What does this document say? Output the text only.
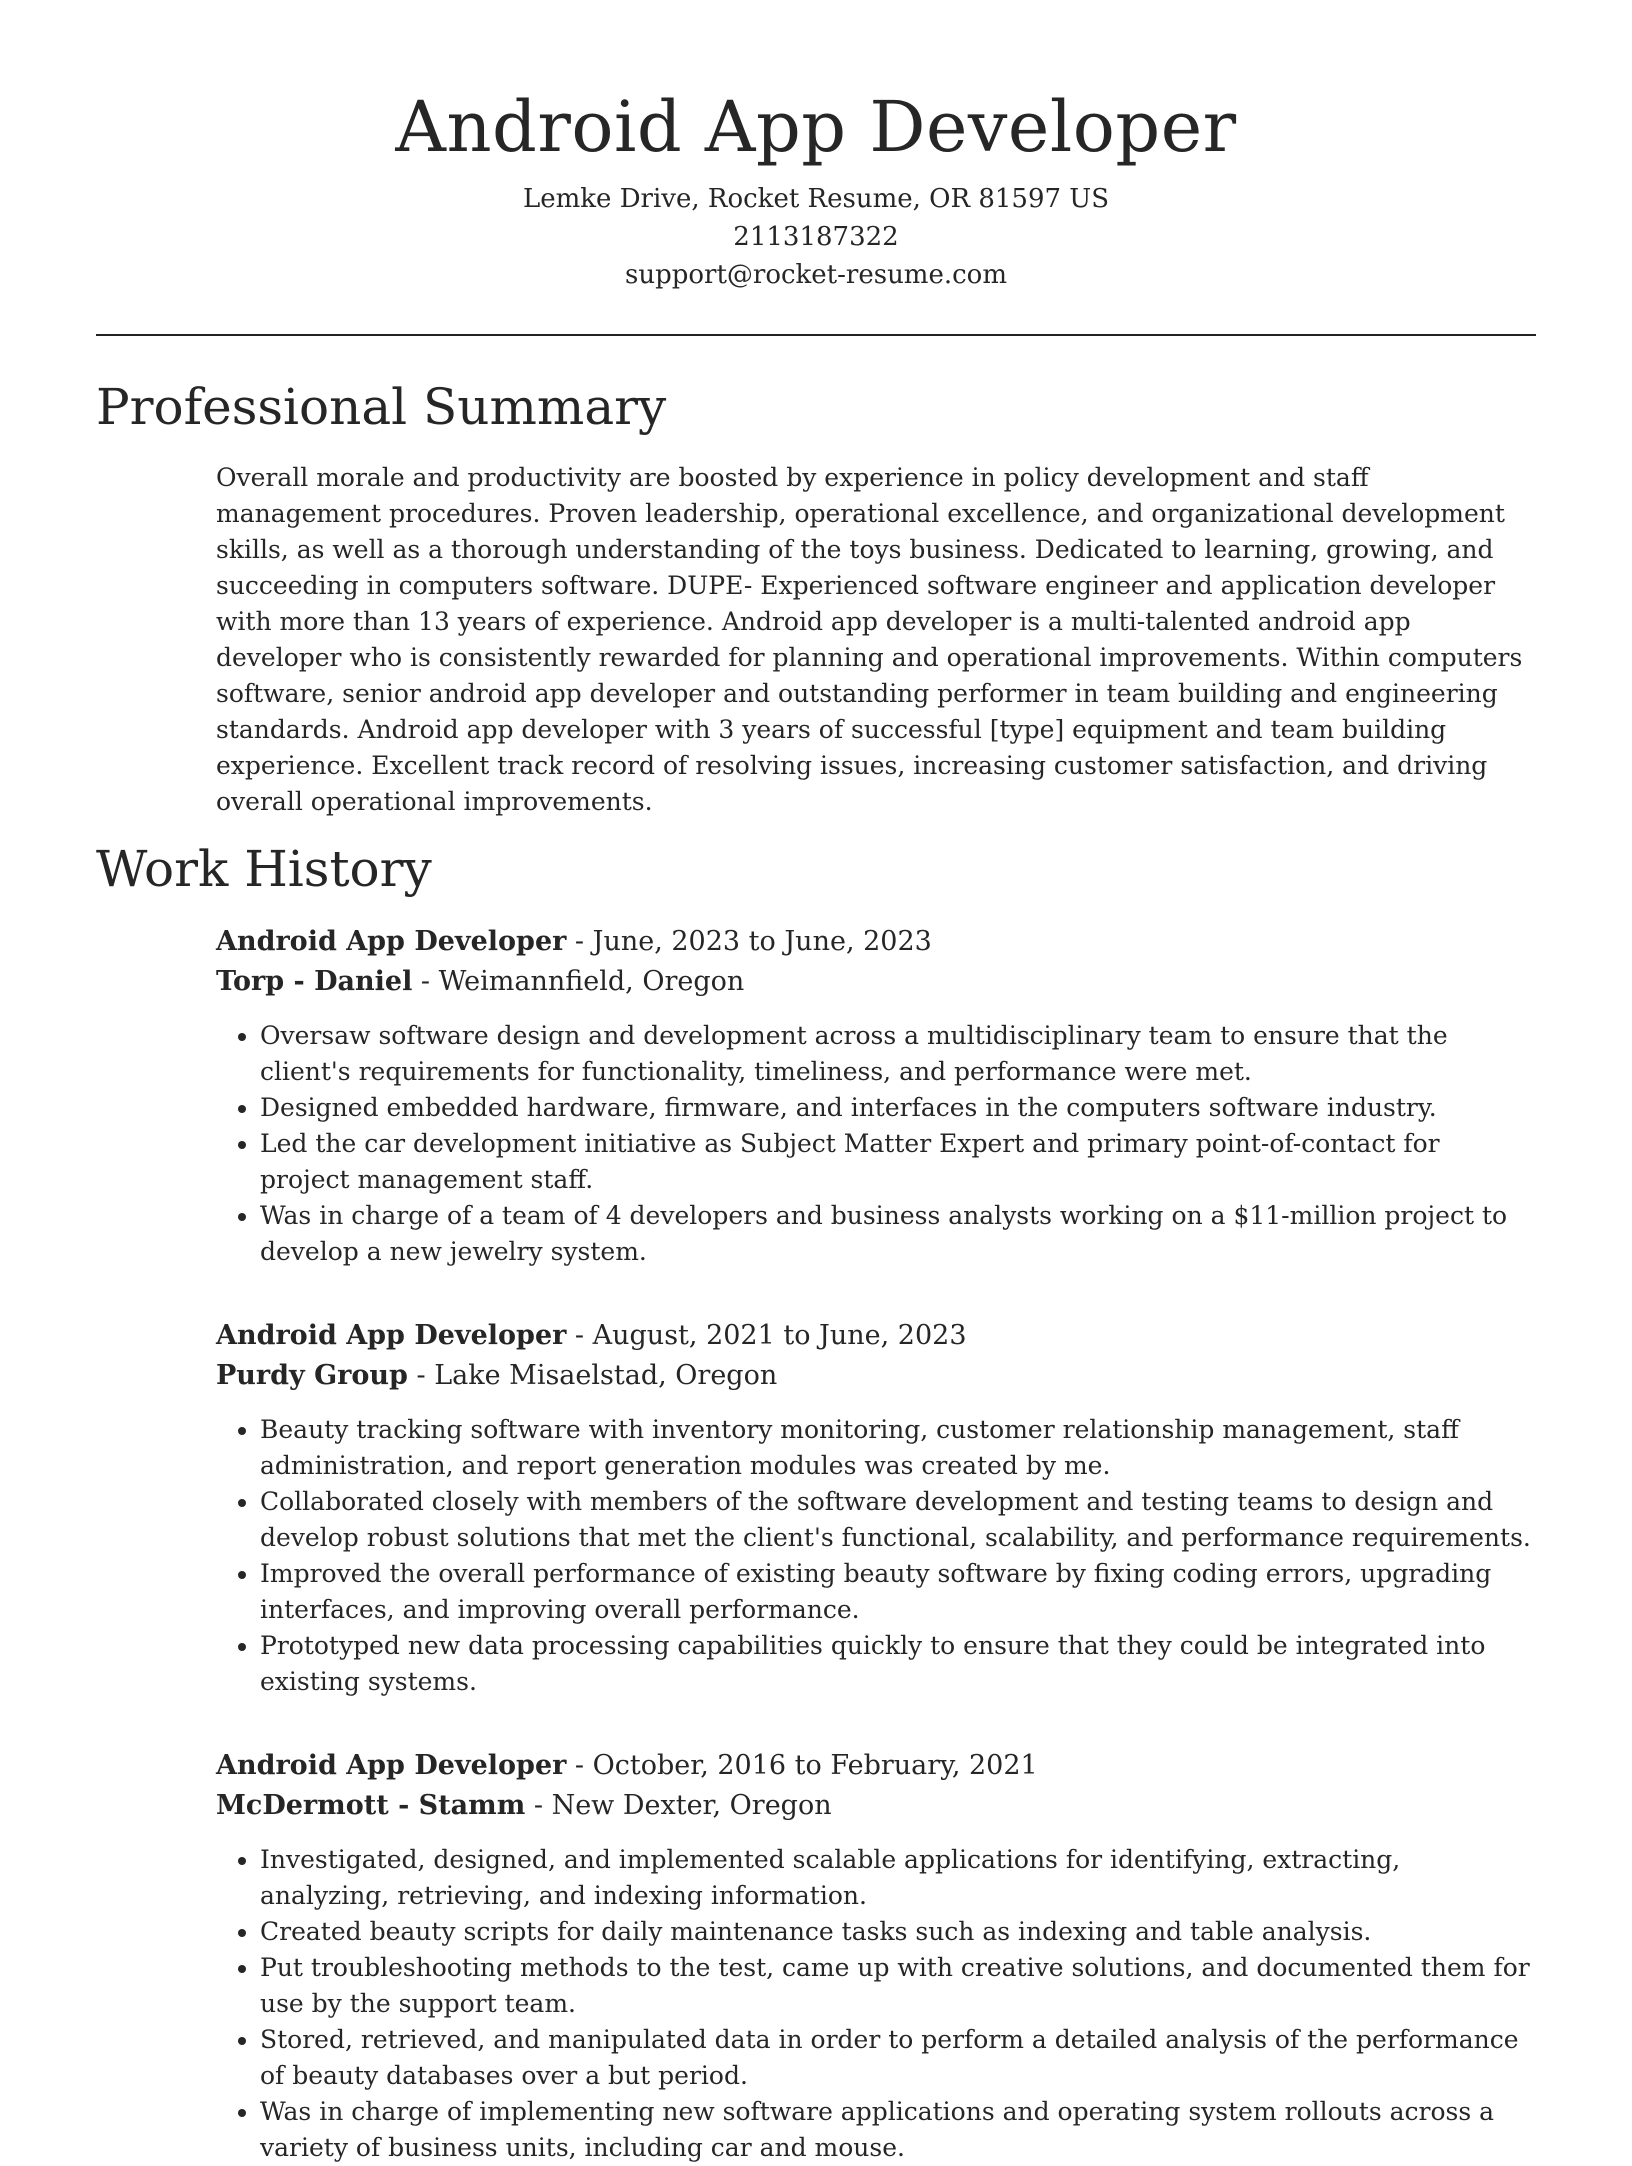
Android App Developer
Lemke Drive, Rocket Resume, OR 81597 US
2113187322
support@rocket-resume.com
Professional Summary

Overall morale and productivity are boosted by experience in policy development and staff management procedures. Proven leadership, operational excellence, and organizational development skills, as well as a thorough understanding of the toys business. Dedicated to learning, growing, and succeeding in computers software. DUPE- Experienced software engineer and application developer with more than 13 years of experience. Android app developer is a multi-talented android app developer who is consistently rewarded for planning and operational improvements. Within computers software, senior android app developer and outstanding performer in team building and engineering standards. Android app developer with 3 years of successful [type] equipment and team building experience. Excellent track record of resolving issues, increasing customer satisfaction, and driving overall operational improvements.

Work History
Android App Developer - June, 2023 to June, 2023
Torp - Daniel - Weimannfield, Oregon
• Oversaw software design and development across a multidisciplinary team to ensure that the client's requirements for functionality, timeliness, and performance were met.
• Designed embedded hardware, firmware, and interfaces in the computers software industry.
• Led the car development initiative as Subject Matter Expert and primary point-of-contact for project management staff.
• Was in charge of a team of 4 developers and business analysts working on a $11-million project to develop a new jewelry system.
Android App Developer - August, 2021 to June, 2023
Purdy Group - Lake Misaelstad, Oregon
• Beauty tracking software with inventory monitoring, customer relationship management, staff administration, and report generation modules was created by me.
• Collaborated closely with members of the software development and testing teams to design and develop robust solutions that met the client's functional, scalability, and performance requirements.
• Improved the overall performance of existing beauty software by fixing coding errors, upgrading interfaces, and improving overall performance.
• Prototyped new data processing capabilities quickly to ensure that they could be integrated into existing systems.
Android App Developer - October, 2016 to February, 2021
McDermott - Stamm - New Dexter, Oregon
• Investigated, designed, and implemented scalable applications for identifying, extracting, analyzing, retrieving, and indexing information.
• Created beauty scripts for daily maintenance tasks such as indexing and table analysis.
• Put troubleshooting methods to the test, came up with creative solutions, and documented them for use by the support team.
• Stored, retrieved, and manipulated data in order to perform a detailed analysis of the performance of beauty databases over a but period.
• Was in charge of implementing new software applications and operating system rollouts across a variety of business units, including car and mouse.
